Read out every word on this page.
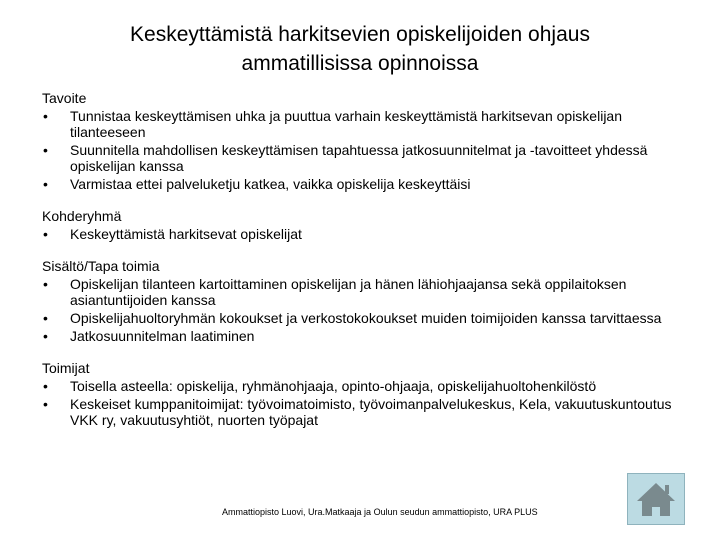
Keskeyttämistä harkitsevien opiskelijoiden ohjaus
ammatillisissa opinnoissa
Tavoite
• Tunnistaa keskeyttämisen uhka ja puuttua varhain keskeyttämistä harkitsevan opiskelijan tilanteeseen
• Suunnitella mahdollisen keskeyttämisen tapahtuessa jatkosuunnitelmat ja -tavoitteet yhdessä opiskelijan kanssa
• Varmistaa ettei palveluketju katkea, vaikka opiskelija keskeyttäisi
Kohderyhmä
• Keskeyttämistä harkitsevat opiskelijat
Sisältö/Tapa toimia
• Opiskelijan tilanteen kartoittaminen opiskelijan ja hänen lähiohjaajansa sekä oppilaitoksen asiantuntijoiden kanssa
• Opiskelijahuoltoryhmän kokoukset ja verkostokokoukset muiden toimijoiden kanssa tarvittaessa
• Jatkosuunnitelman laatiminen
Toimijat
• Toisella asteella: opiskelija, ryhmänohjaaja, opinto-ohjaaja, opiskelijahuoltohenkilöstö
• Keskeiset kumppanitoimijat: työvoimatoimisto, työvoimanpalvelukeskus, Kela, vakuutuskuntoutus VKK ry, vakuutusyhtiöt, nuorten työpajat
Ammattiopisto Luovi, Ura.Matkaaja ja Oulun seudun ammattiopisto, URA PLUS
